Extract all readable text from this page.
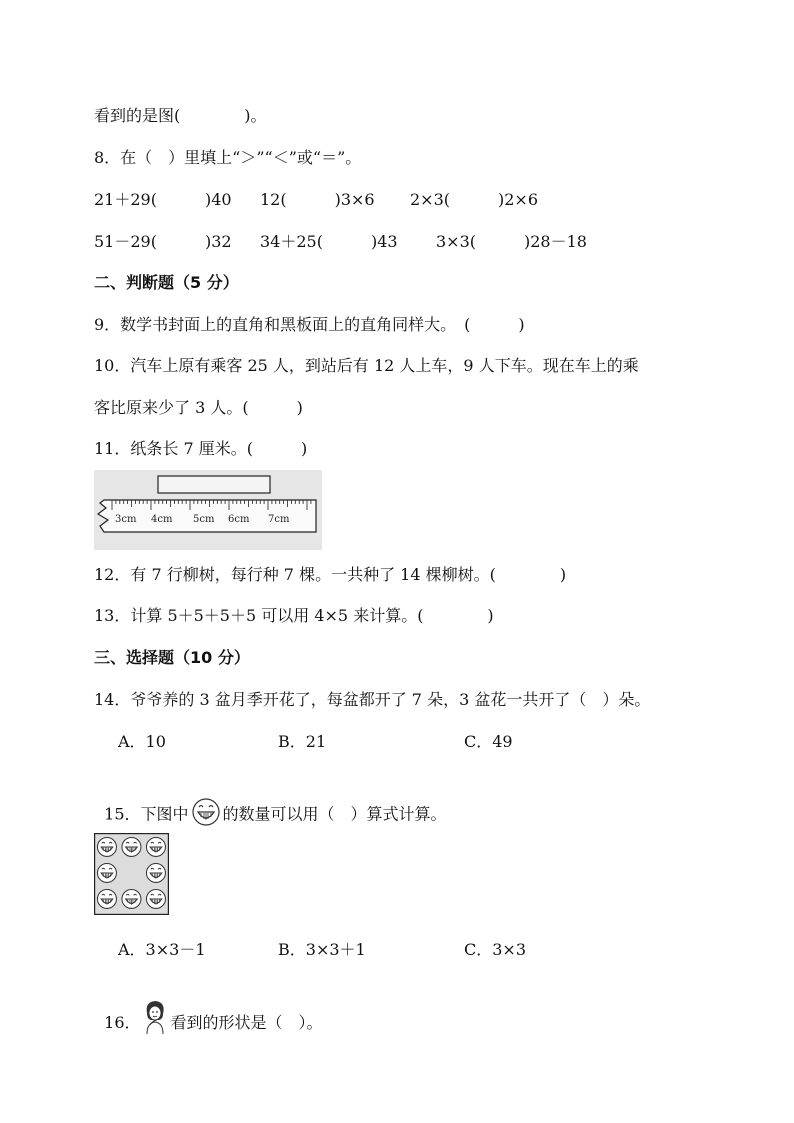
看到的是图(　　　　)。
8．在（　）里填上“＞”“＜”或“＝”。
21＋29(　　　)40 12(　　　)3×6 2×3(　　　)2×6
51－29(　　　)32 34＋25(　　　)43 3×3(　　　)28－18
二、判断题（5 分）
9．数学书封面上的直角和黑板面上的直角同样大。　(　　　)
10．汽车上原有乘客 25 人，到站后有 12 人上车，9 人下车。现在车上的乘
客比原来少了 3 人。(　　　)
11．纸条长 7 厘米。(　　　)
3cm 4cm 5cm 6cm 7cm
12．有 7 行柳树，每行种 7 棵。一共种了 14 棵柳树。(　　　　)
13．计算 5＋5＋5＋5 可以用 4×5 来计算。(　　　　)
三、选择题（10 分）
14．爷爷养的 3 盆月季开花了，每盆都开了 7 朵，3 盆花一共开了（　）朵。
A．10	B．21	C．49

15．下图中 的数量可以用（　）算式计算。

A．3×3－1	B．3×3＋1	C．3×3

16． 看到的形状是（　）。
